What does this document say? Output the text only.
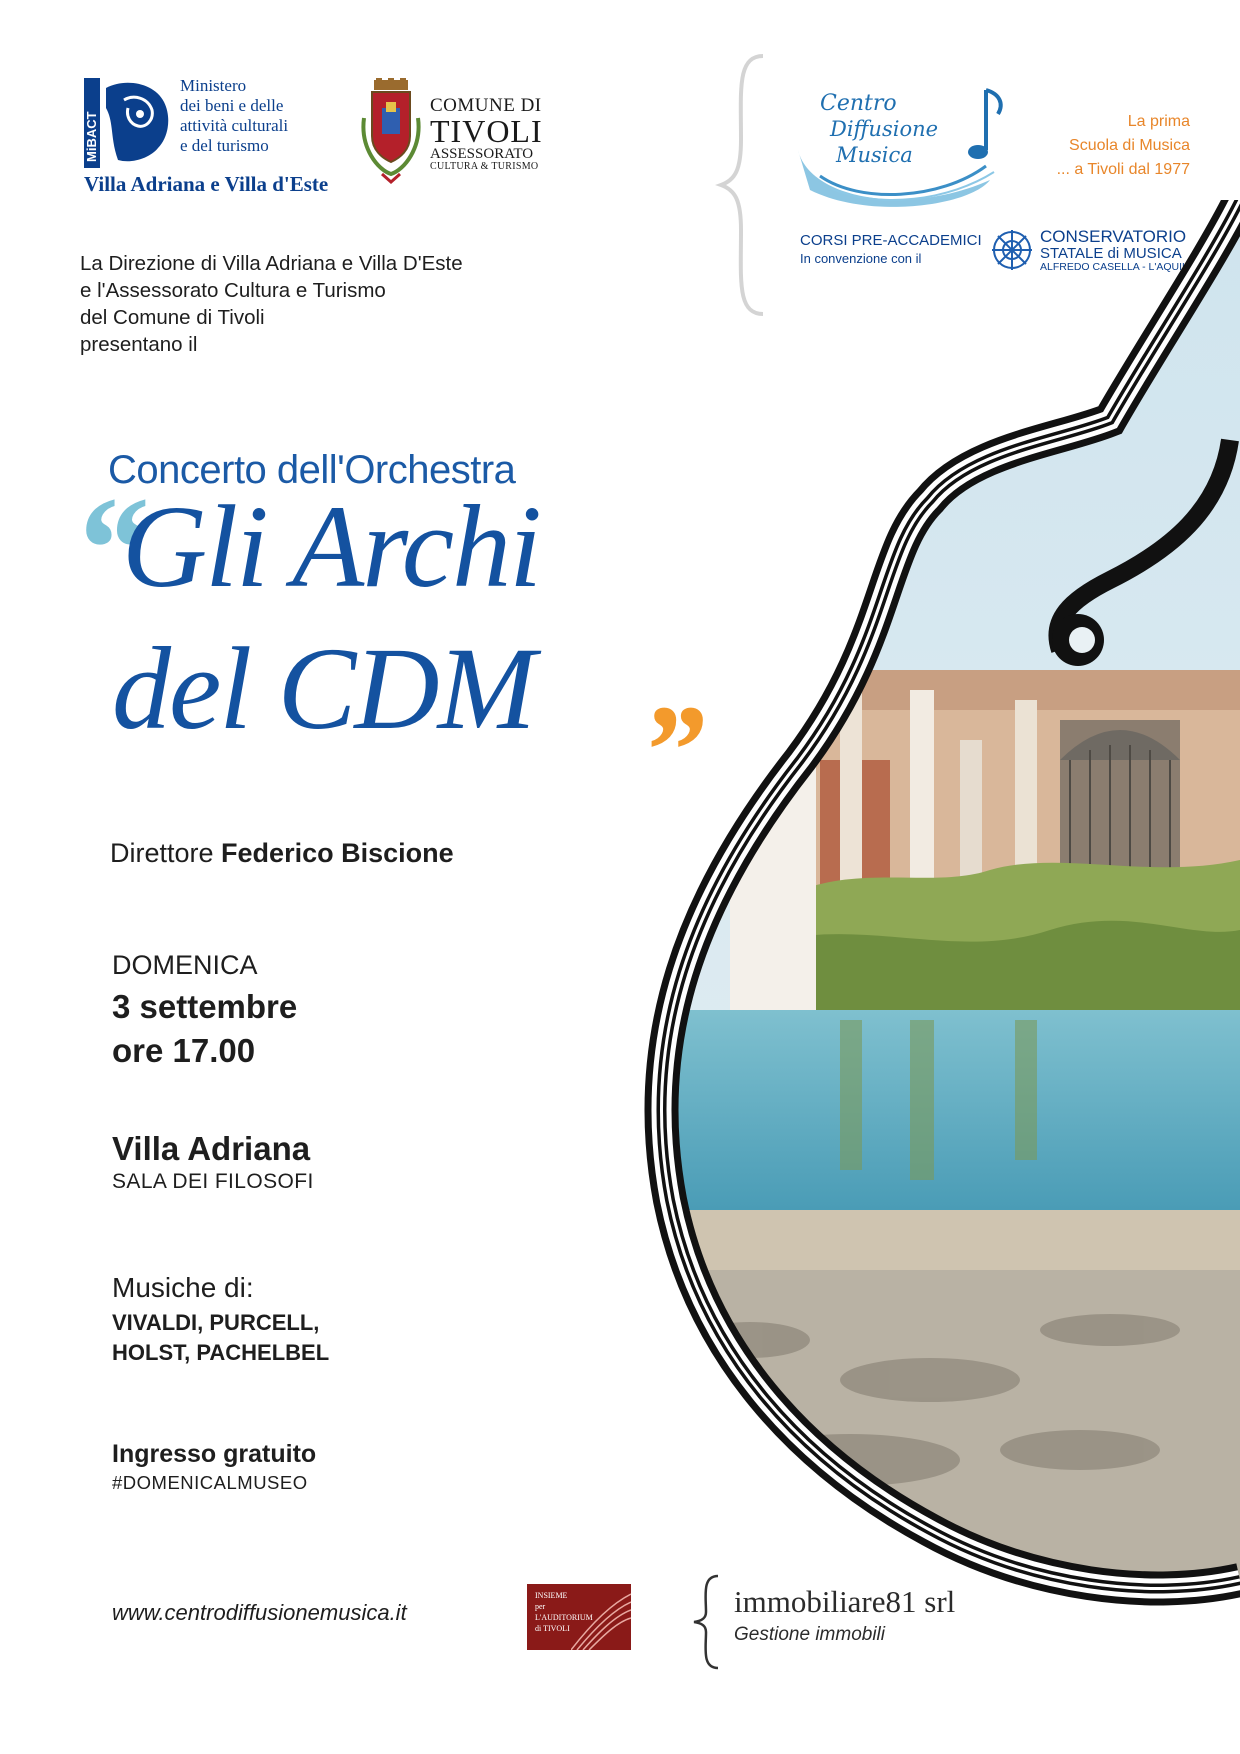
MiBACT
Ministero
dei beni e delle
attività culturali
e del turismo
Villa Adriana e Villa d'Este
COMUNE DI
TIVOLI
ASSESSORATO
CULTURA & TURISMO
Centro
Diffusione
Musica
La prima
Scuola di Musica
... a Tivoli dal 1977
CORSI PRE-ACCADEMICI
In convenzione con il
CONSERVATORIO
STATALE di MUSICA
ALFREDO CASELLA - L'AQUILA
La Direzione di Villa Adriana e Villa D'Este
e l'Assessorato Cultura e Turismo
del Comune di Tivoli
presentano il
Concerto dell'Orchestra
“
Gli Archi
del CDM ”
Direttore Federico Biscione
DOMENICA
3 settembre
ore 17.00
Villa Adriana
SALA DEI FILOSOFI
Musiche di:
VIVALDI, PURCELL,
HOLST, PACHELBEL
Ingresso gratuito
#DOMENICALMUSEO
www.centrodiffusionemusica.it
INSIEME
per
L'AUDITORIUM
di TIVOLI
immobiliare81 srl
Gestione immobili
